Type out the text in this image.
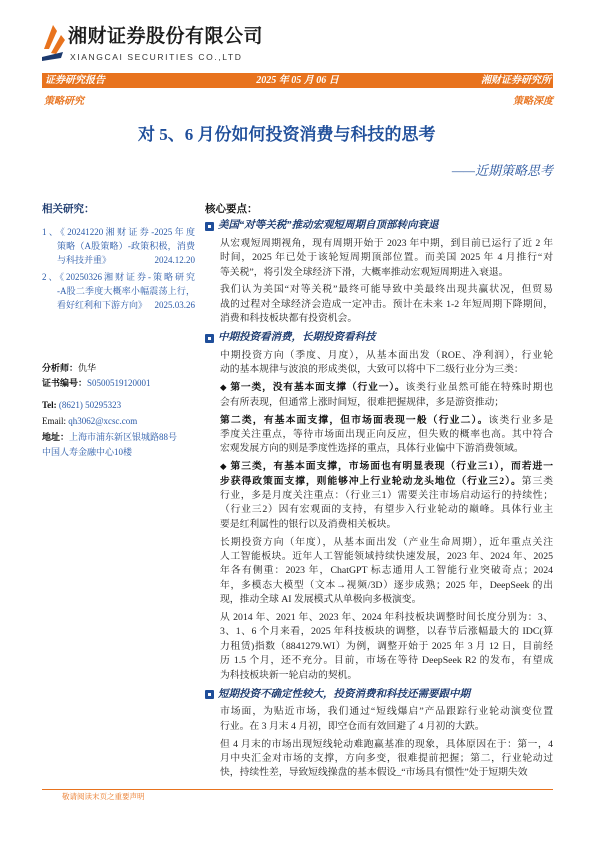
湘财证券股份有限公司
XIANGCAI SECURITIES CO.,LTD
证券研究报告	2025 年 05 月 06 日	湘财证券研究所
策略研究	策略深度
对 5、6 月份如何投资消费与科技的思考
——近期策略思考
相关研究：
1、《20241220湘财证券-2025年度
策略（A股策略）-政策积极，消费
与科技并重》	2024.12.20
2、《20250326湘财证券-策略研究
-A股二季度大概率小幅震荡上行，
看好红利和下游方向》 2025.03.26
分析师：仇华
证书编号：S0500519120001
Tel: (8621) 50295323
Email: qh3062@xcsc.com
地址：上海市浦东新区银城路88号
中国人寿金融中心10楼
核心要点：
美国“对等关税”推动宏观短周期自顶部转向衰退
从宏观短周期视角，现有周期开始于 2023 年中期，到目前已运行了近 2 年
时间，2025 年已处于该轮短周期顶部位置。而美国 2025 年 4 月推行“对
等关税”，将引发全球经济下滑，大概率推动宏观短周期进入衰退。
我们认为美国“对等关税”最终可能导致中美最终出现共赢状况，但贸易
战的过程对全球经济会造成一定冲击。预计在未来 1-2 年短周期下降期间，
消费和科技板块都有投资机会。
中期投资看消费，长期投资看科技
中期投资方向（季度、月度），从基本面出发（ROE、净利润），行业轮
动的基本规律与波浪的形成类似，大致可以将中下二级行业分为三类：
◆ 第一类，没有基本面支撑（行业一）。该类行业虽然可能在特殊时期也
会有所表现，但通常上涨时间短，很难把握规律，多是游资推动；
第二类，有基本面支撑，但市场面表现一般（行业二）。该类行业多是
季度关注重点，等待市场面出现正向反应，但失败的概率也高。其中符合
宏观发展方向的则是季度性选择的重点，具体行业偏中下游消费领域。
◆ 第三类，有基本面支撑，市场面也有明显表现（行业三1），而若进一
步获得政策面支撑，则能够冲上行业轮动龙头地位（行业三2）。第三类
行业，多是月度关注重点：（行业三1）需要关注市场启动运行的持续性；
（行业三2）因有宏观面的支持，有望步入行业轮动的巅峰。具体行业主
要是红利属性的银行以及消费相关板块。
长期投资方向（年度），从基本面出发（产业生命周期），近年重点关注
人工智能板块。近年人工智能领域持续快速发展，2023 年、2024 年、2025
年各有侧重：2023 年，ChatGPT 标志通用人工智能行业突破奇点；2024
年，多模态大模型（文本→视频/3D）逐步成熟；2025 年，DeepSeek 的出
现，推动全球 AI 发展模式从单极向多极演变。
从 2014 年、2021 年、2023 年、2024 年科技板块调整时间长度分别为：3、
3、1、6 个月来看，2025 年科技板块的调整，以春节后涨幅最大的 IDC(算
力租赁)指数（8841279.WI）为例，调整开始于 2025 年 3 月 12 日，目前经
历 1.5 个月，还不充分。目前，市场在等待 DeepSeek R2 的发布，有望成
为科技板块新一轮启动的契机。
短期投资不确定性较大，投资消费和科技还需要跟中期
市场面，为贴近市场，我们通过“短线爆启”产品跟踪行业轮动演变位置
行业。在 3 月末 4 月初，即空仓而有效回避了 4 月初的大跌。
但 4 月末的市场出现短线轮动难跑赢基准的现象，具体原因在于：第一，4
月中央汇金对市场的支撑，方向多变，很难提前把握；第二，行业轮动过
快，持续性差，导致短线操盘的基本假设_“市场具有惯性”处于短期失效
敬请阅读末页之重要声明
